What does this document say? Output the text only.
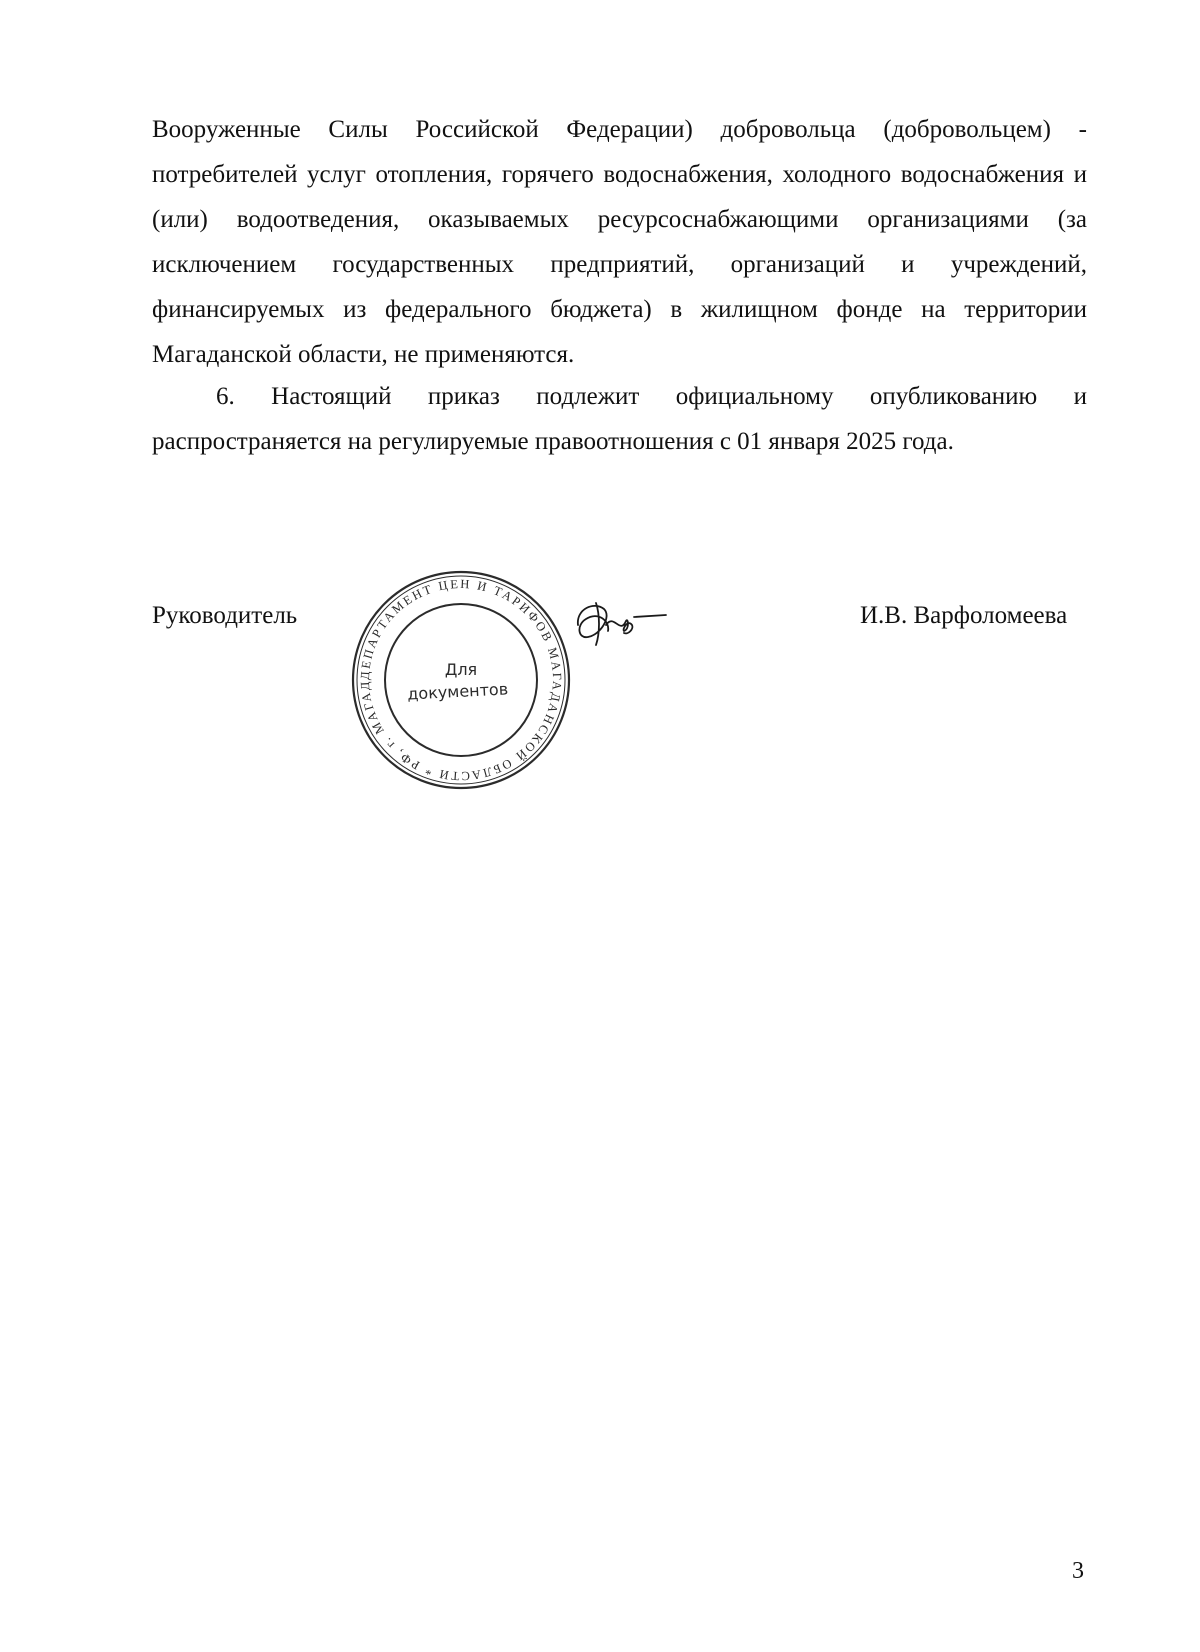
Вооруженные Силы Российской Федерации) добровольца (добровольцем) - потребителей услуг отопления, горячего водоснабжения, холодного водоснабжения и (или) водоотведения, оказываемых ресурсоснабжающими организациями (за исключением государственных предприятий, организаций и учреждений, финансируемых из федерального бюджета) в жилищном фонде на территории Магаданской области, не применяются.

6. Настоящий приказ подлежит официальному опубликованию и распространяется на регулируемые правоотношения с 01 января 2025 года.

Руководитель
ДЕПАРТАМЕНТ ЦЕН И ТАРИФОВ МАГАДАНСКОЙ ОБЛАСТИ * РФ, г. МАГАД
Для
документов
И.В. Варфоломеева
3
